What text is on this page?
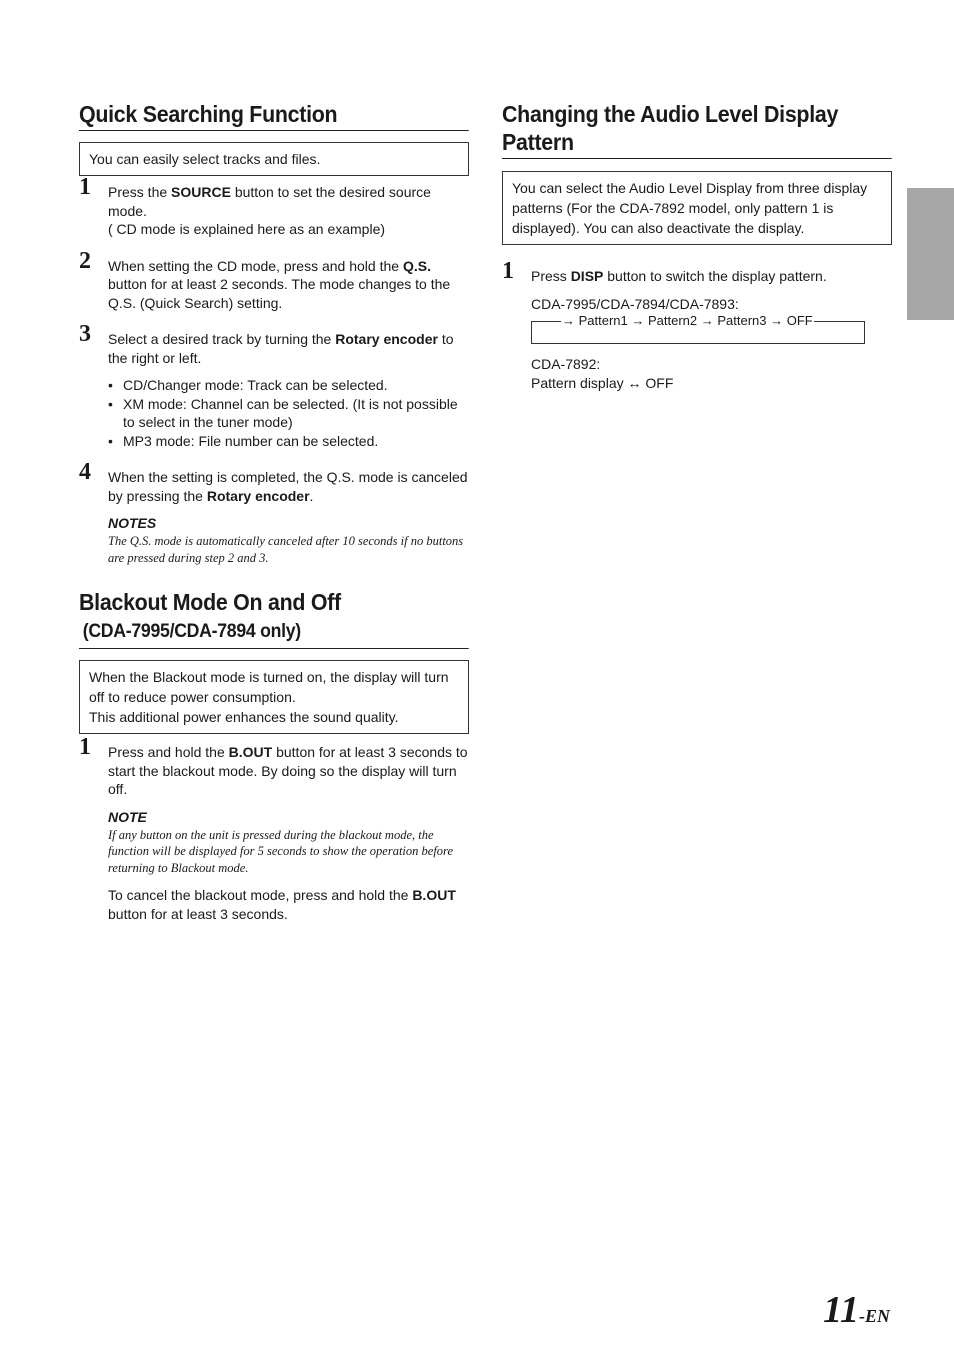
Quick Searching Function
You can easily select tracks and files.
1 Press the SOURCE button to set the desired source mode.
( CD mode is explained here as an example)
2 When setting the CD mode, press and hold the Q.S. button for at least 2 seconds. The mode changes to the Q.S. (Quick Search) setting.
3 Select a desired track by turning the Rotary encoder to the right or left.
• CD/Changer mode: Track can be selected.
• XM mode: Channel can be selected. (It is not possible to select in the tuner mode)
• MP3 mode: File number can be selected.
4 When the setting is completed, the Q.S. mode is canceled by pressing the Rotary encoder.
NOTES
The Q.S. mode is automatically canceled after 10 seconds if no buttons are pressed during step 2 and 3.
Blackout Mode On and Off
(CDA-7995/CDA-7894 only)
When the Blackout mode is turned on, the display will turn off to reduce power consumption.
This additional power enhances the sound quality.
1 Press and hold the B.OUT button for at least 3 seconds to start the blackout mode. By doing so the display will turn off.
NOTE
If any button on the unit is pressed during the blackout mode, the function will be displayed for 5 seconds to show the operation before returning to Blackout mode.
To cancel the blackout mode, press and hold the B.OUT button for at least 3 seconds.
Changing the Audio Level Display Pattern
You can select the Audio Level Display from three display patterns (For the CDA-7892 model, only pattern 1 is displayed). You can also deactivate the display.
1 Press DISP button to switch the display pattern.
CDA-7995/CDA-7894/CDA-7893:
→ Pattern1 → Pattern2 → Pattern3 → OFF
CDA-7892:
Pattern display ↔ OFF
11-EN
